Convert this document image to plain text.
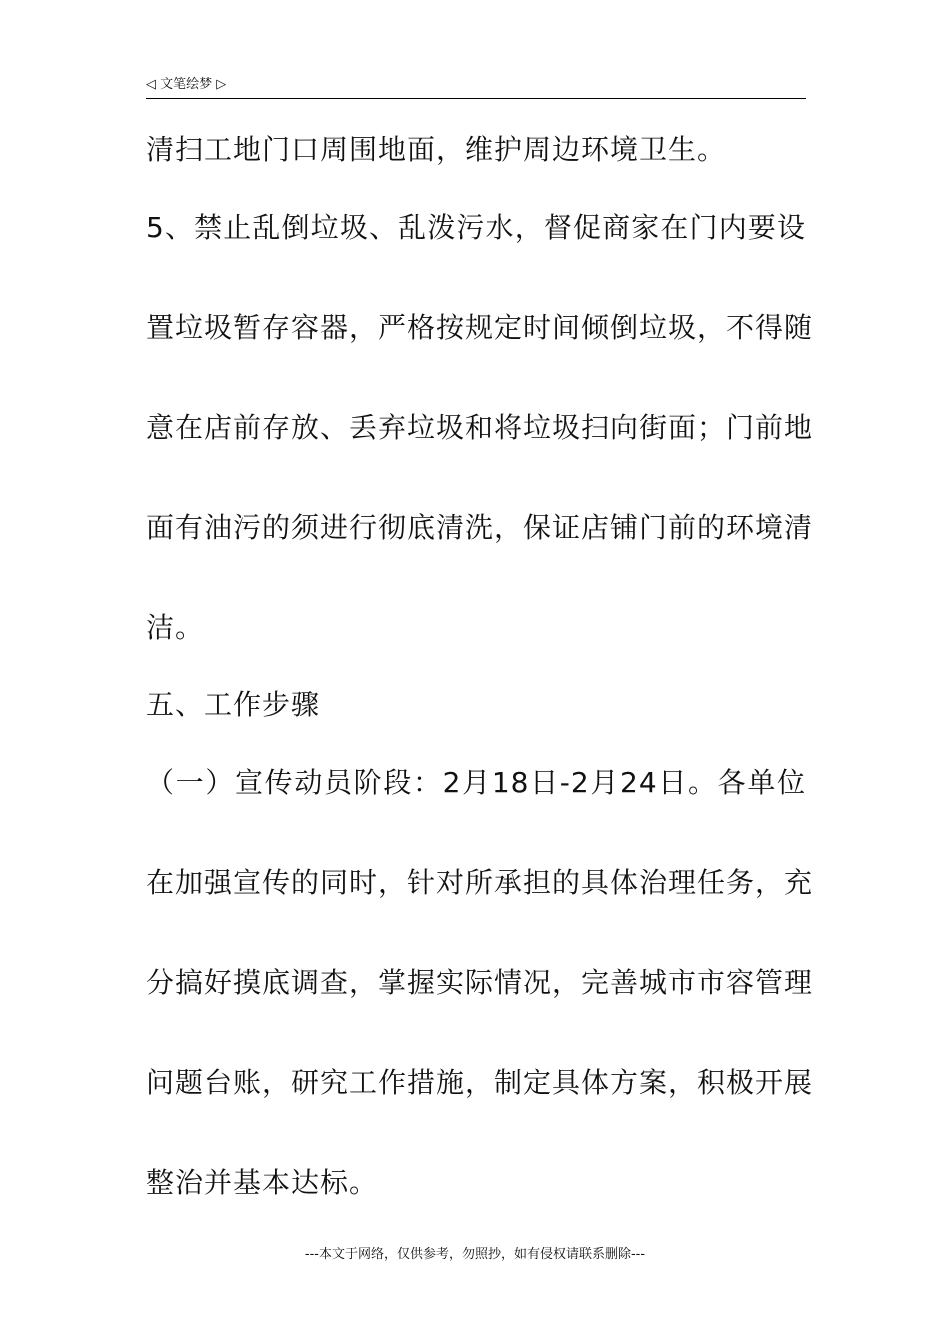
◁ 文笔绘梦 ▷
清扫工地门口周围地面，维护周边环境卫生。
5、禁止乱倒垃圾、乱泼污水，督促商家在门内要设
置垃圾暂存容器，严格按规定时间倾倒垃圾，不得随
意在店前存放、丢弃垃圾和将垃圾扫向街面；门前地
面有油污的须进行彻底清洗，保证店铺门前的环境清
洁。
五、工作步骤
（一）宣传动员阶段：2月18日-2月24日。各单位
在加强宣传的同时，针对所承担的具体治理任务，充
分搞好摸底调查，掌握实际情况，完善城市市容管理
问题台账，研究工作措施，制定具体方案，积极开展
整治并基本达标。
---本文于网络，仅供参考，勿照抄，如有侵权请联系删除---
